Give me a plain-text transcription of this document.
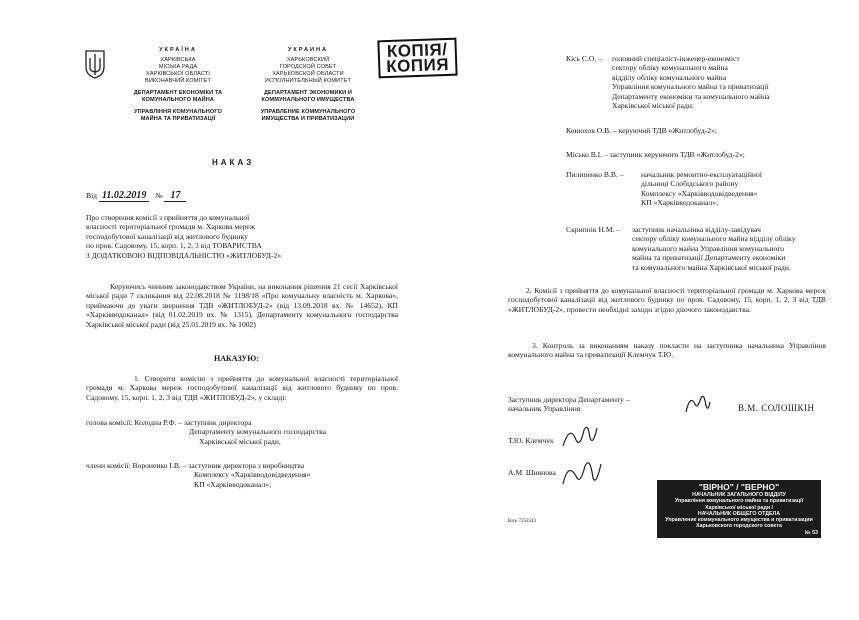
УКРАЇНА
ХАРКІВСЬКА
МІСЬКА РАДА
ХАРКІВСЬКОЇ ОБЛАСТІ
ВИКОНАВЧИЙ КОМІТЕТ
ДЕПАРТАМЕНТ ЕКОНОМІКИ ТА
КОМУНАЛЬНОГО МАЙНА
УПРАВЛІННЯ КОМУНАЛЬНОГО
МАЙНА ТА ПРИВАТИЗАЦІЇ
УКРАИНА
ХАРЬКОВСКИЙ
ГОРОДСКОЙ СОВЕТ
ХАРЬКОВСКОЙ ОБЛАСТИ
ИСПОЛНИТЕЛЬНЫЙ КОМИТЕТ
ДЕПАРТАМЕНТ ЭКОНОМИКИ И
КОММУНАЛЬНОГО ИМУЩЕСТВА
УПРАВЛЕНИЕ КОММУНАЛЬНОГО
ИМУЩЕСТВА И ПРИВАТИЗАЦИИ
КОПІЯ/
КОПИЯ
НАКАЗ
Від 11.02.2019 № 17
Про створення комісії з прийняття до комунальної
власності територіальної громади м. Харкова мереж
господобутової каналізації від житлового будинку
по пров. Садовому, 15, корп. 1, 2, 3 від ТОВАРИСТВА
З ДОДАТКОВОЮ ВІДПОВІДАЛЬНІСТЮ «ЖИТЛОБУД-2»
Керуючись чинним законодавством України, на виконання рішення 21 сесії Харківської міської ради 7 скликання від 22.08.2018 № 1198/18 «Про комунальну власність м. Харкова», приймаючи до уваги звернення ТДВ «ЖИТЛОБУД-2» (від 13.09.2018 вх. № 14652), КП «Харківводоканал» (від 01.02.2019 вх. № 1315), Департаменту комунального господарства Харківської міської ради (від 25.01.2019 вх. № 1002)
НАКАЗУЮ:
1. Створити комісію з прийняття до комунальної власності територіальної громади м. Харкова мереж господобутової каналізації від житлового будинку по пров. Садовому, 15, корп. 1, 2, 3 від ТДВ «ЖИТЛОБУД-2», у складі:
голова комісії: Колодна Р.Ф. – заступник директора
Департаменту комунального господарства
Харківської міської ради,
члени комісії: Вороненко І.В. – заступник директора з виробництва
Комплексу «Харківводовідведення»
КП «Харківводоканал»;
Кісь С.О. – головний спеціаліст-інженер-економіст
сектору обліку комунального майна
відділу обліку комунального майна
Управління комунального майна та приватизації
Департаменту економіки та комунального майна
Харківської міської ради;
Конюхов О.В. – керуючий ТДВ «Житлобуд-2»;
Місько В.І. – заступник керуючого ТДВ «Житлобуд-2»;
Пилипенко В.В. – начальник ремонтно-експлуатаційної
дільниці Слобідського району
Комплексу «Харківводовідведення»
КП «Харківводоканал»;
Скрипнік Н.М. – заступник начальника відділу-завідувач
сектору обліку комунального майна відділу обліку
комунального майна Управління комунального
майна та приватизації Департаменту економіки
та комунального майна Харківської міської ради.
2. Комісії з прийняття до комунальної власності територіальної громади м. Харкова мереж господобутової каналізації від житлового будинку по пров. Садовому, 15, корп. 1, 2, 3 від ТДВ «ЖИТЛОБУД-2», провести необхідні заходи згідно діючого законодавства.
3. Контроль за виконанням наказу покласти на заступника начальника Управління комунального майна та приватизації Клемчук Т.Ю.
Заступник директора Департаменту –
начальник Управління	В.М. СОЛОШКІН
Т.Ю. Клемчук
А.М. Шиянова
Кісь 7252543
"ВІРНО" / "ВЕРНО"
НАЧАЛЬНИК ЗАГАЛЬНОГО ВІДДІЛУ
Управління комунального майна та приватизації
Харківської міської ради /
НАЧАЛЬНИК ОБЩЕГО ОТДЕЛА
Управление коммунального имущества и приватизации
Харьковского городского совета
№ 53
